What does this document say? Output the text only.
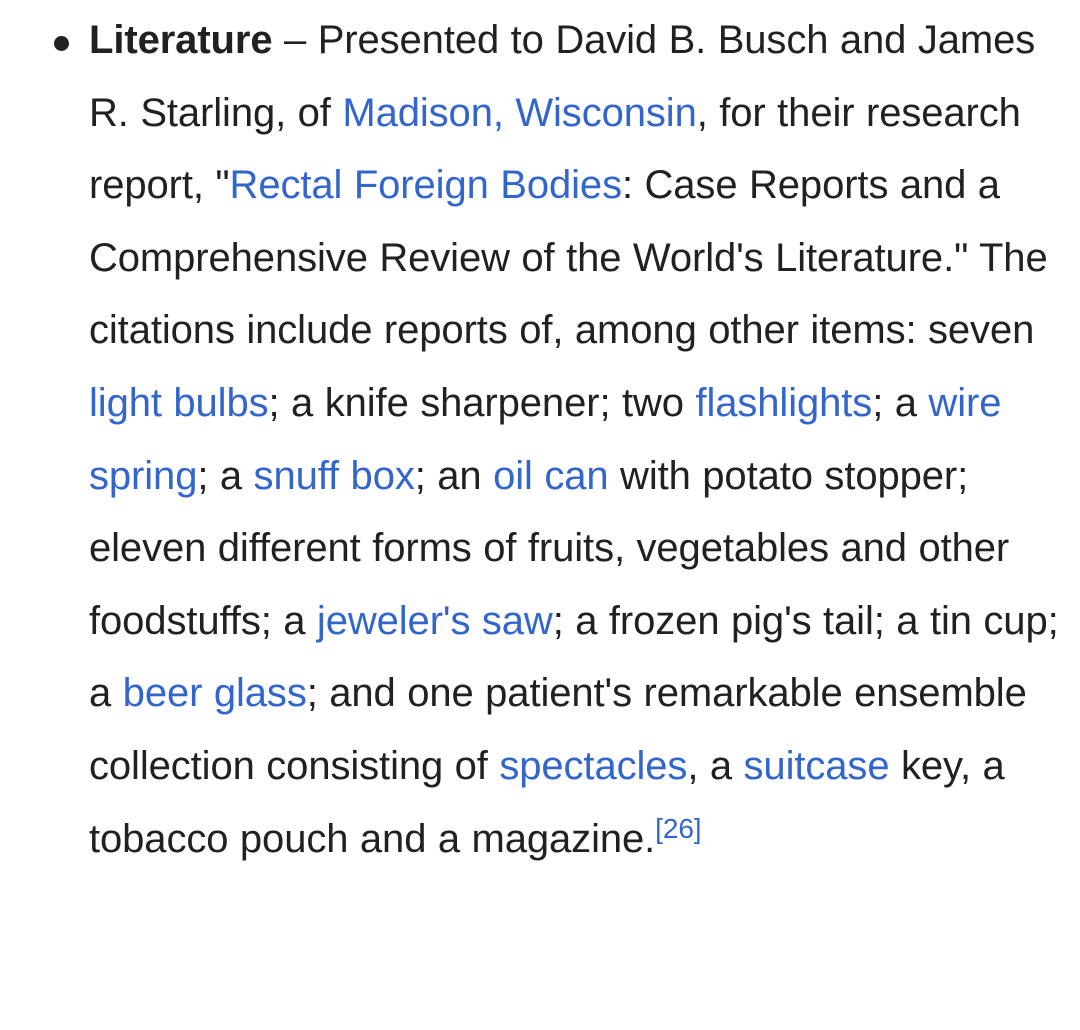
Literature – Presented to David B. Busch and James R. Starling, of Madison, Wisconsin, for their research report, "Rectal Foreign Bodies: Case Reports and a Comprehensive Review of the World's Literature." The citations include reports of, among other items: seven light bulbs; a knife sharpener; two flashlights; a wire spring; a snuff box; an oil can with potato stopper; eleven different forms of fruits, vegetables and other foodstuffs; a jeweler's saw; a frozen pig's tail; a tin cup; a beer glass; and one patient's remarkable ensemble collection consisting of spectacles, a suitcase key, a tobacco pouch and a magazine.[26]
